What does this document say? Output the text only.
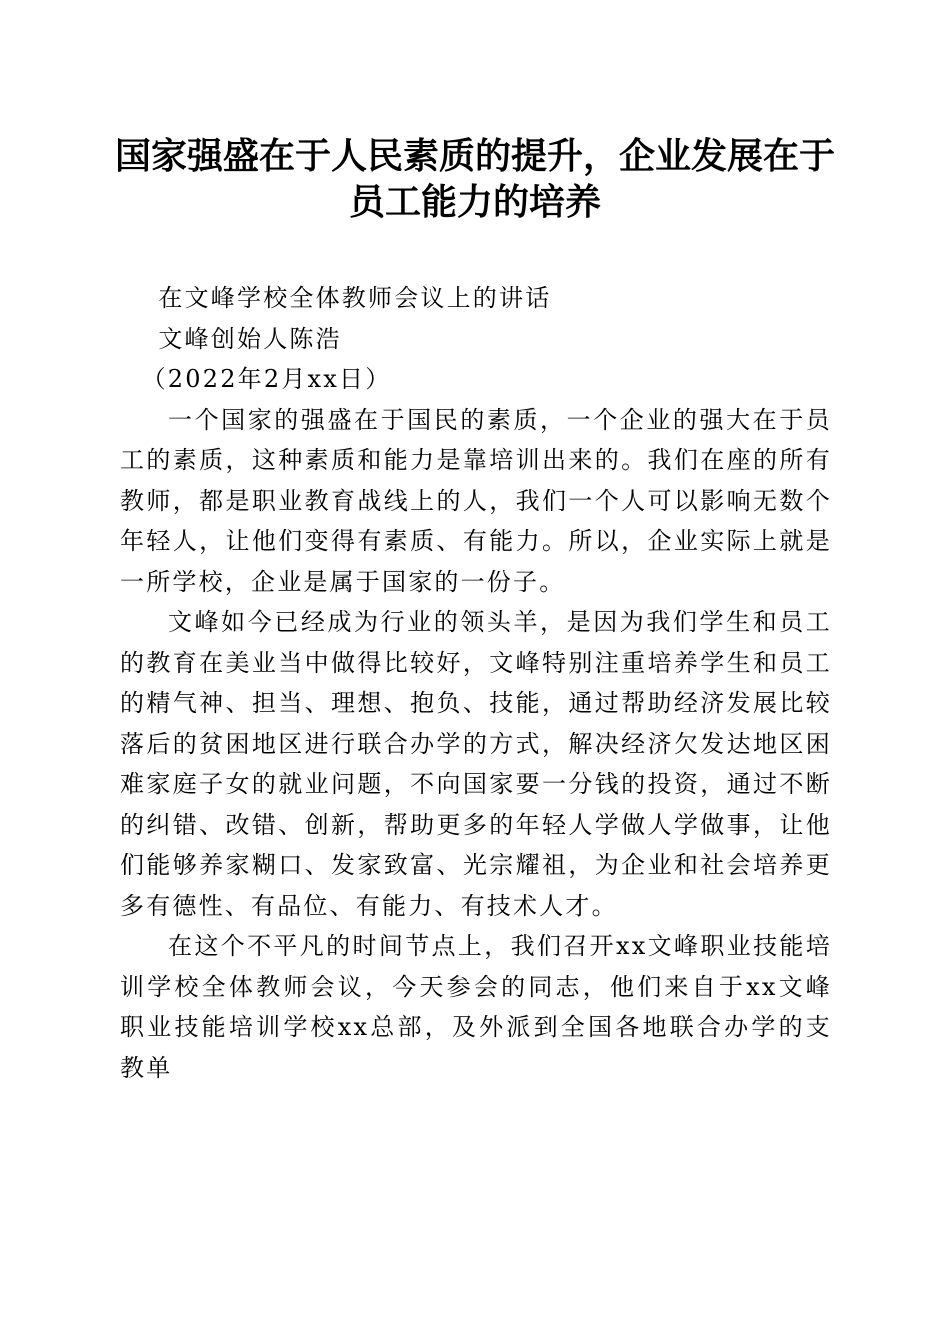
国家强盛在于人民素质的提升，企业发展在于
员工能力的培养

在文峰学校全体教师会议上的讲话

文峰创始人陈浩

（2022年2月xx日）

一个国家的强盛在于国民的素质，一个企业的强大在于员工的素质，这种素质和能力是靠培训出来的。我们在座的所有教师，都是职业教育战线上的人，我们一个人可以影响无数个年轻人，让他们变得有素质、有能力。所以，企业实际上就是一所学校，企业是属于国家的一份子。

文峰如今已经成为行业的领头羊，是因为我们学生和员工的教育在美业当中做得比较好，文峰特别注重培养学生和员工的精气神、担当、理想、抱负、技能，通过帮助经济发展比较落后的贫困地区进行联合办学的方式，解决经济欠发达地区困难家庭子女的就业问题，不向国家要一分钱的投资，通过不断的纠错、改错、创新，帮助更多的年轻人学做人学做事，让他们能够养家糊口、发家致富、光宗耀祖，为企业和社会培养更多有德性、有品位、有能力、有技术人才。

在这个不平凡的时间节点上，我们召开xx文峰职业技能培训学校全体教师会议，今天参会的同志，他们来自于xx文峰职业技能培训学校xx总部，及外派到全国各地联合办学的支教单
